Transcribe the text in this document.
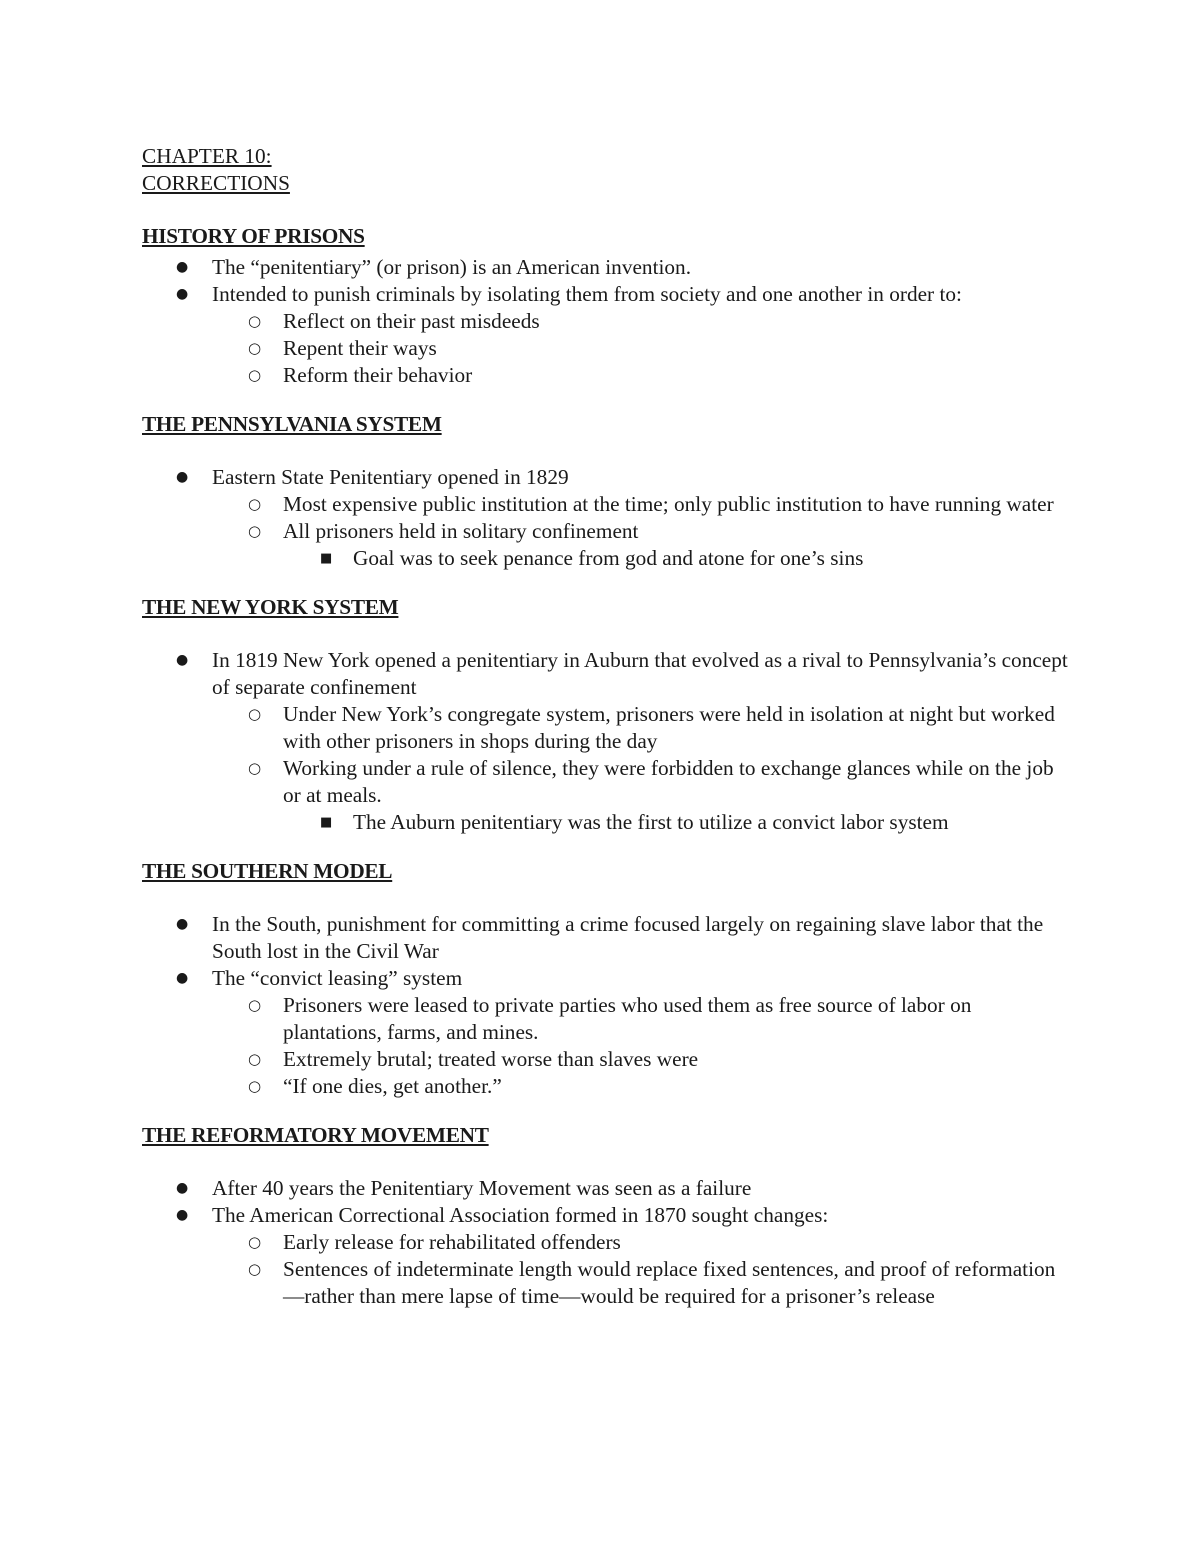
CHAPTER 10:
CORRECTIONS
HISTORY OF PRISONS
● The “penitentiary” (or prison) is an American invention.
● Intended to punish criminals by isolating them from society and one another in order to:
○ Reflect on their past misdeeds
○ Repent their ways
○ Reform their behavior
THE PENNSYLVANIA SYSTEM
● Eastern State Penitentiary opened in 1829
○ Most expensive public institution at the time; only public institution to have running water
○ All prisoners held in solitary confinement
■ Goal was to seek penance from god and atone for one’s sins
THE NEW YORK SYSTEM
● In 1819 New York opened a penitentiary in Auburn that evolved as a rival to Pennsylvania’s concept of separate confinement
○ Under New York’s congregate system, prisoners were held in isolation at night but worked with other prisoners in shops during the day
○ Working under a rule of silence, they were forbidden to exchange glances while on the job or at meals.
■ The Auburn penitentiary was the first to utilize a convict labor system
THE SOUTHERN MODEL
● In the South, punishment for committing a crime focused largely on regaining slave labor that the South lost in the Civil War
● The “convict leasing” system
○ Prisoners were leased to private parties who used them as free source of labor on plantations, farms, and mines.
○ Extremely brutal; treated worse than slaves were
○ “If one dies, get another.”
THE REFORMATORY MOVEMENT
● After 40 years the Penitentiary Movement was seen as a failure
● The American Correctional Association formed in 1870 sought changes:
○ Early release for rehabilitated offenders
○ Sentences of indeterminate length would replace fixed sentences, and proof of reformation—rather than mere lapse of time—would be required for a prisoner’s release
